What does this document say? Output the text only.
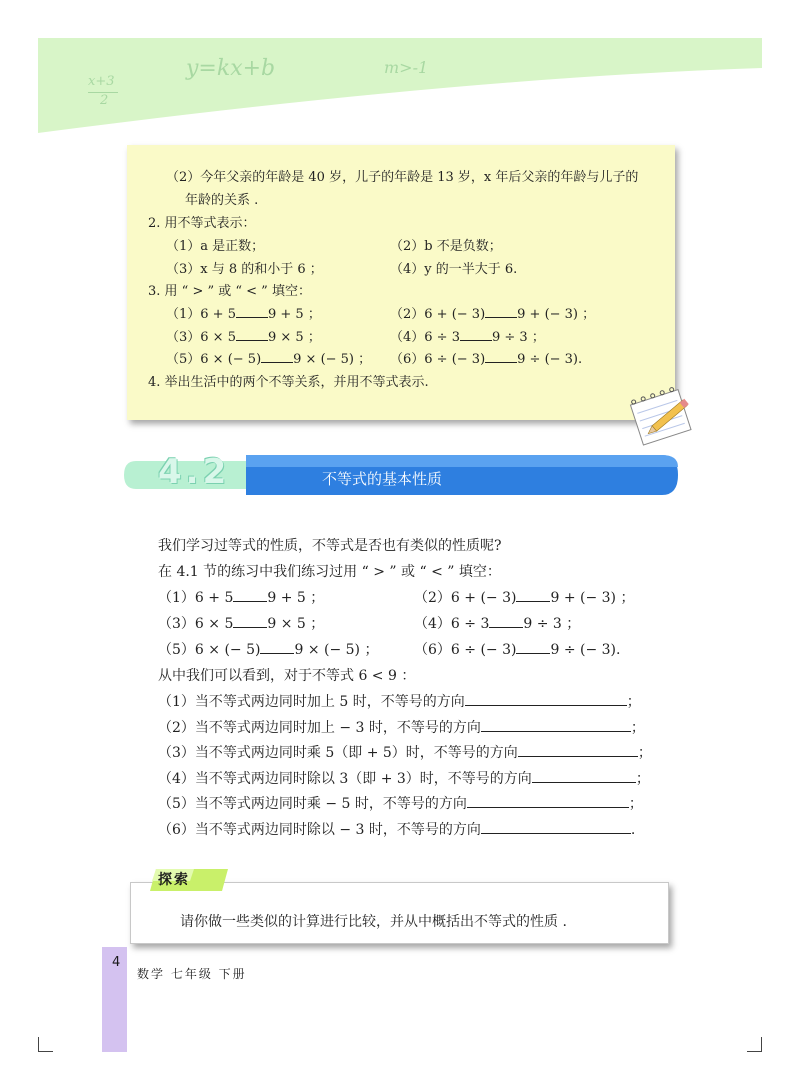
x+3
2
y=kx+b	m>-1
（2）今年父亲的年龄是 40 岁，儿子的年龄是 13 岁，x 年后父亲的年龄与儿子的
年龄的关系 .
2. 用不等式表示：
（1）a 是正数；	（2）b 不是负数；
（3）x 与 8 的和小于 6 ；	（4）y 的一半大于 6.
3. 用 “ > ” 或 “ < ” 填空：
（1）6 + 5 9 + 5 ；	（2）6 + (− 3) 9 + (− 3) ；
（3）6 × 5 9 × 5 ；	（4）6 ÷ 3 9 ÷ 3 ；
（5）6 × (− 5) 9 × (− 5) ； （6）6 ÷ (− 3) 9 ÷ (− 3).
4. 举出生活中的两个不等关系，并用不等式表示.
4.2	不等式的基本性质
我们学习过等式的性质，不等式是否也有类似的性质呢?
在 4.1 节的练习中我们练习过用 “ > ” 或 “ < ” 填空：
（1）6 + 5 9 + 5 ；	（2）6 + (− 3) 9 + (− 3) ；
（3）6 × 5 9 × 5 ；	（4）6 ÷ 3 9 ÷ 3 ；
（5）6 × (− 5) 9 × (− 5) ；	（6）6 ÷ (− 3) 9 ÷ (− 3).
从中我们可以看到，对于不等式 6 < 9 ：
（1）当不等式两边同时加上 5 时，不等号的方向	；
（2）当不等式两边同时加上 − 3 时，不等号的方向	；
（3）当不等式两边同时乘 5（即 + 5）时，不等号的方向	；
（4）当不等式两边同时除以 3（即 + 3）时，不等号的方向	；
（5）当不等式两边同时乘 − 5 时，不等号的方向	；
（6）当不等式两边同时除以 − 3 时，不等号的方向	.
探索
请你做一些类似的计算进行比较，并从中概括出不等式的性质 .
4
数学 七年级 下册
